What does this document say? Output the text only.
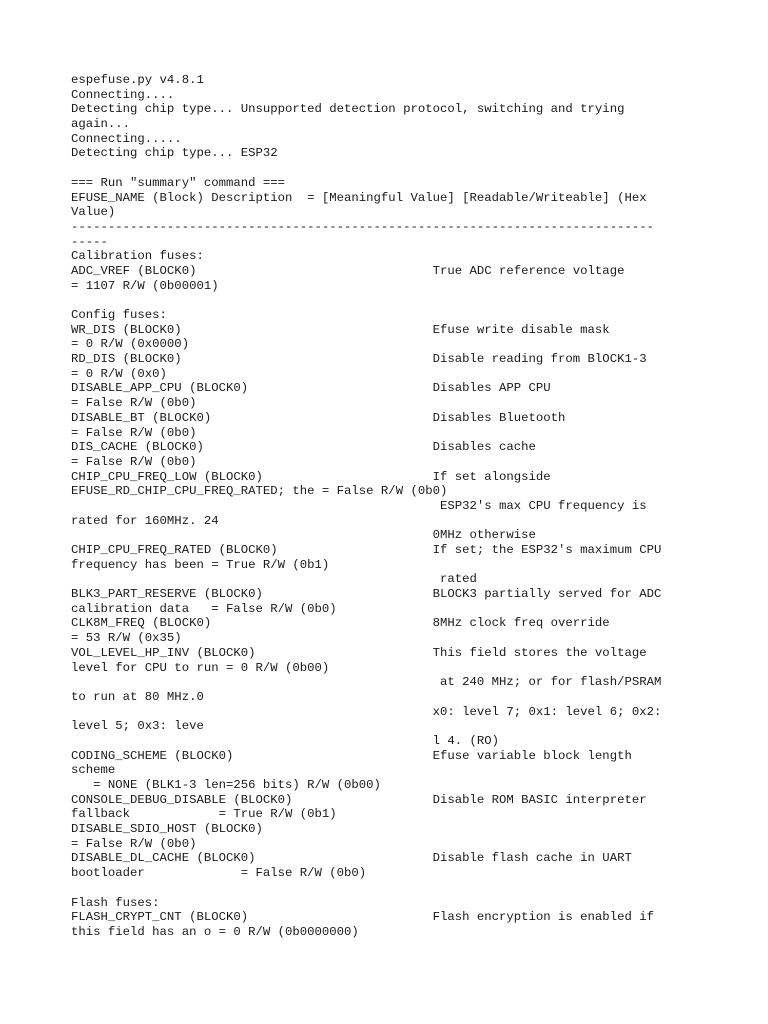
espefuse.py v4.8.1
Connecting....
Detecting chip type... Unsupported detection protocol, switching and trying
again...
Connecting.....
Detecting chip type... ESP32
=== Run "summary" command ===
EFUSE_NAME (Block) Description  = [Meaningful Value] [Readable/Writeable] (Hex
Value)
-------------------------------------------------------------------------------
-----
Calibration fuses:
ADC_VREF (BLOCK0)                                True ADC reference voltage
= 1107 R/W (0b00001)
Config fuses:
WR_DIS (BLOCK0)                                  Efuse write disable mask
= 0 R/W (0x0000)
RD_DIS (BLOCK0)                                  Disable reading from BlOCK1-3
= 0 R/W (0x0)
DISABLE_APP_CPU (BLOCK0)                         Disables APP CPU
= False R/W (0b0)
DISABLE_BT (BLOCK0)                              Disables Bluetooth
= False R/W (0b0)
DIS_CACHE (BLOCK0)                               Disables cache
= False R/W (0b0)
CHIP_CPU_FREQ_LOW (BLOCK0)                       If set alongside
EFUSE_RD_CHIP_CPU_FREQ_RATED; the = False R/W (0b0)
ESP32's max CPU frequency is
rated for 160MHz. 24
0MHz otherwise
CHIP_CPU_FREQ_RATED (BLOCK0)                     If set; the ESP32's maximum CPU
frequency has been = True R/W (0b1)
rated
BLK3_PART_RESERVE (BLOCK0)                       BLOCK3 partially served for ADC
calibration data   = False R/W (0b0)
CLK8M_FREQ (BLOCK0)                              8MHz clock freq override
= 53 R/W (0x35)
VOL_LEVEL_HP_INV (BLOCK0)                        This field stores the voltage
level for CPU to run = 0 R/W (0b00)
at 240 MHz; or for flash/PSRAM
to run at 80 MHz.0
x0: level 7; 0x1: level 6; 0x2:
level 5; 0x3: leve
l 4. (RO)
CODING_SCHEME (BLOCK0)                           Efuse variable block length
scheme
= NONE (BLK1-3 len=256 bits) R/W (0b00)
CONSOLE_DEBUG_DISABLE (BLOCK0)                   Disable ROM BASIC interpreter
fallback            = True R/W (0b1)
DISABLE_SDIO_HOST (BLOCK0)
= False R/W (0b0)
DISABLE_DL_CACHE (BLOCK0)                        Disable flash cache in UART
bootloader             = False R/W (0b0)
Flash fuses:
FLASH_CRYPT_CNT (BLOCK0)                         Flash encryption is enabled if
this field has an o = 0 R/W (0b0000000)
